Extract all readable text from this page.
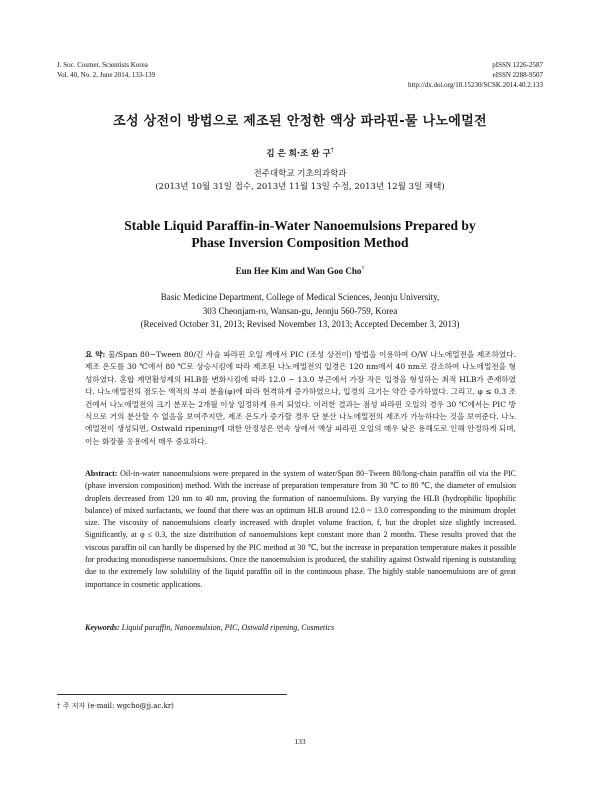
J. Soc. Cosmet. Scientists Korea
Vol. 40, No. 2, June 2014, 133-139
pISSN 1226-2587
eISSN 2288-9507
http://dx.doi.org/10.15230/SCSK.2014.40.2.133
조성 상전이 방법으로 제조된 안정한 액상 파라핀-물 나노에멀전
김 은 희·조 완 구†
전주대학교 기초의과학과
(2013년 10월 31일 접수, 2013년 11월 13일 수정, 2013년 12월 3일 채택)
Stable Liquid Paraffin-in-Water Nanoemulsions Prepared by
Phase Inversion Composition Method
Eun Hee Kim and Wan Goo Cho†
Basic Medicine Department, College of Medical Sciences, Jeonju University,
303 Cheonjam-ro, Wansan-gu, Jeonju 560-759, Korea
(Received October 31, 2013; Revised November 13, 2013; Accepted December 3, 2013)
요 약: 물/Span 80−Tween 80/긴 사슬 파라핀 오일 계에서 PIC (조성 상전이) 방법을 이용하여 O/W 나노에멀전을 제조하였다. 제조 온도를 30 ℃에서 80 ℃로 상승시킴에 따라 제조된 나노에멀전의 입경은 120 nm에서 40 nm로 감소하여 나노에멀전을 형성하였다. 혼합 계면활성제의 HLB를 변화시킴에 따라 12.0 ~ 13.0 부근에서 가장 작은 입경을 형성하는 최적 HLB가 존재하였다. 나노에멀전의 점도는 액적의 부피 분율(φ)에 따라 현격하게 증가하였으나, 입경의 크기는 약간 증가하였다. 그리고, φ ≤ 0.3 조건에서 나노에멀전의 크기 분포는 2개월 이상 일정하게 유지 되었다. 이러한 결과는 점성 파라핀 오일의 경우 30 ℃에서는 PIC 방식으로 거의 분산할 수 없음을 보여주지만, 제조 온도가 증가할 경우 단 분산 나노에멀전의 제조가 가능하다는 것을 보여준다. 나노에멀전이 생성되면, Ostwald ripening에 대한 안정성은 연속 상에서 액상 파라핀 오일의 매우 낮은 용해도로 인해 안정하게 되며, 이는 화장품 응용에서 매우 중요하다.
Abstract: Oil-in-water nanoemulsions were prepared in the system of water/Span 80−Tween 80/long-chain paraffin oil via the PIC (phase inversion composition) method. With the increase of preparation temperature from 30 ℃ to 80 ℃, the diameter of emulsion droplets decreased from 120 nm to 40 nm, proving the formation of nanoemulsions. By varying the HLB (hydrophilic lipophilic balance) of mixed surfactants, we found that there was an optimum HLB around 12.0 ~ 13.0 corresponding to the minimum droplet size. The viscosity of nanoemulsions clearly increased with droplet volume fraction, f, but the droplet size slightly increased. Significantly, at φ ≤ 0.3, the size distribution of nanoemulsions kept constant more than 2 months. These results proved that the viscous paraffin oil can hardly be dispersed by the PIC method at 30 ℃, but the increase in preparation temperature makes it possible for producing monodisperse nanoemulsions. Once the nanoemulsion is produced, the stability against Ostwald ripening is outstanding due to the extremely low solubility of the liquid paraffin oil in the continuous phase. The highly stable nanoemulsions are of great importance in cosmetic applications.
Keywords: Liquid paraffin, Nanoemulsion, PIC, Ostwald ripening, Cosmetics
† 주 저자 (e-mail: wgcho@jj.ac.kr)
133
